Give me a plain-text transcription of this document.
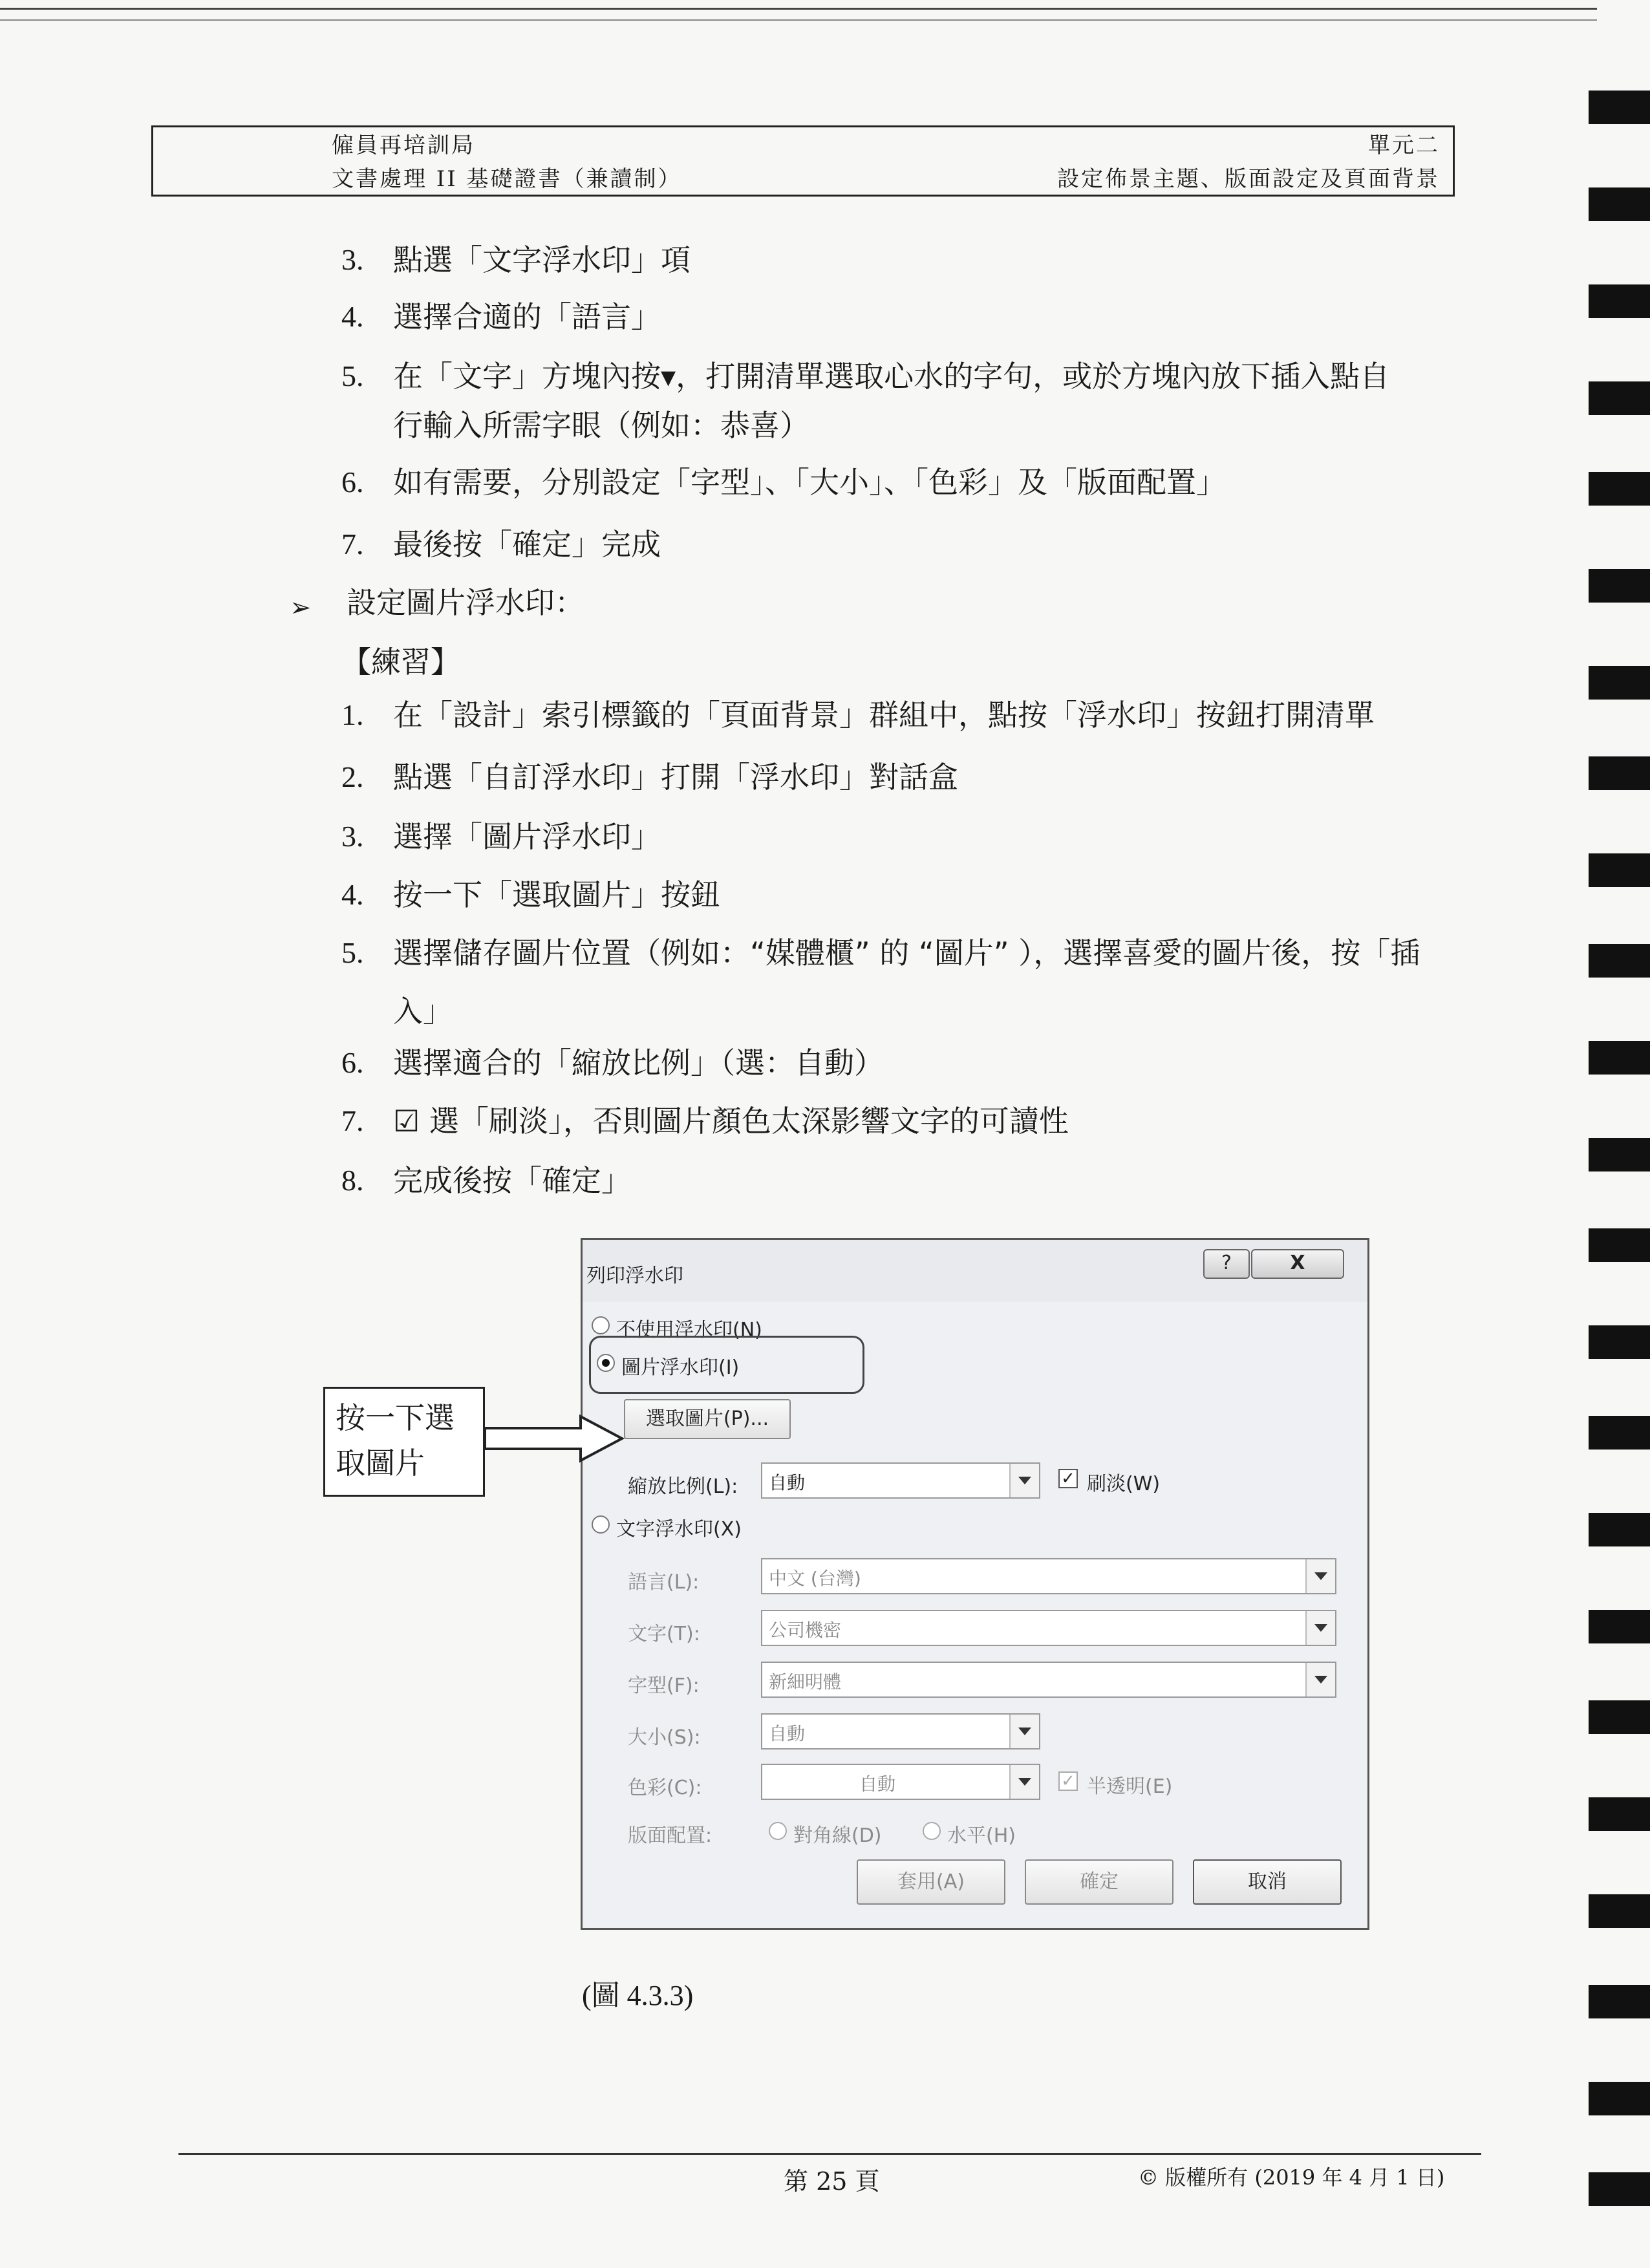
僱員再培訓局
文書處理 II 基礎證書（兼讀制）
單元二
設定佈景主題、版面設定及頁面背景
3. 點選「文字浮水印」項
4. 選擇合適的「語言」
5. 在「文字」方塊內按▾，打開清單選取心水的字句，或於方塊內放下插入點自
行輸入所需字眼（例如：恭喜）
6. 如有需要，分別設定「字型」、「大小」、「色彩」及「版面配置」
7. 最後按「確定」完成
➢ 設定圖片浮水印：
【練習】
1. 在「設計」索引標籤的「頁面背景」群組中，點按「浮水印」按鈕打開清單
2. 點選「自訂浮水印」打開「浮水印」對話盒
3. 選擇「圖片浮水印」
4. 按一下「選取圖片」按鈕
5. 選擇儲存圖片位置（例如：“媒體櫃” 的 “圖片” ），選擇喜愛的圖片後，按「插
入」
6. 選擇適合的「縮放比例」（選：自動）
7. ☑ 選「刷淡」，否則圖片顏色太深影響文字的可讀性
8. 完成後按「確定」
列印浮水印
?	X
不使用浮水印(N)
圖片浮水印(I)
選取圖片(P)...
縮放比例(L): 自動	✓ 刷淡(W)
文字浮水印(X)
語言(L):	中文 (台灣)
文字(T):	公司機密
字型(F):	新細明體
大小(S):	自動
色彩(C):	自動	✓ 半透明(E)
版面配置:	對角線(D)	水平(H)
套用(A)	確定	取消
按一下選
取圖片
(圖 4.3.3)
第 25 頁	© 版權所有 (2019 年 4 月 1 日)
